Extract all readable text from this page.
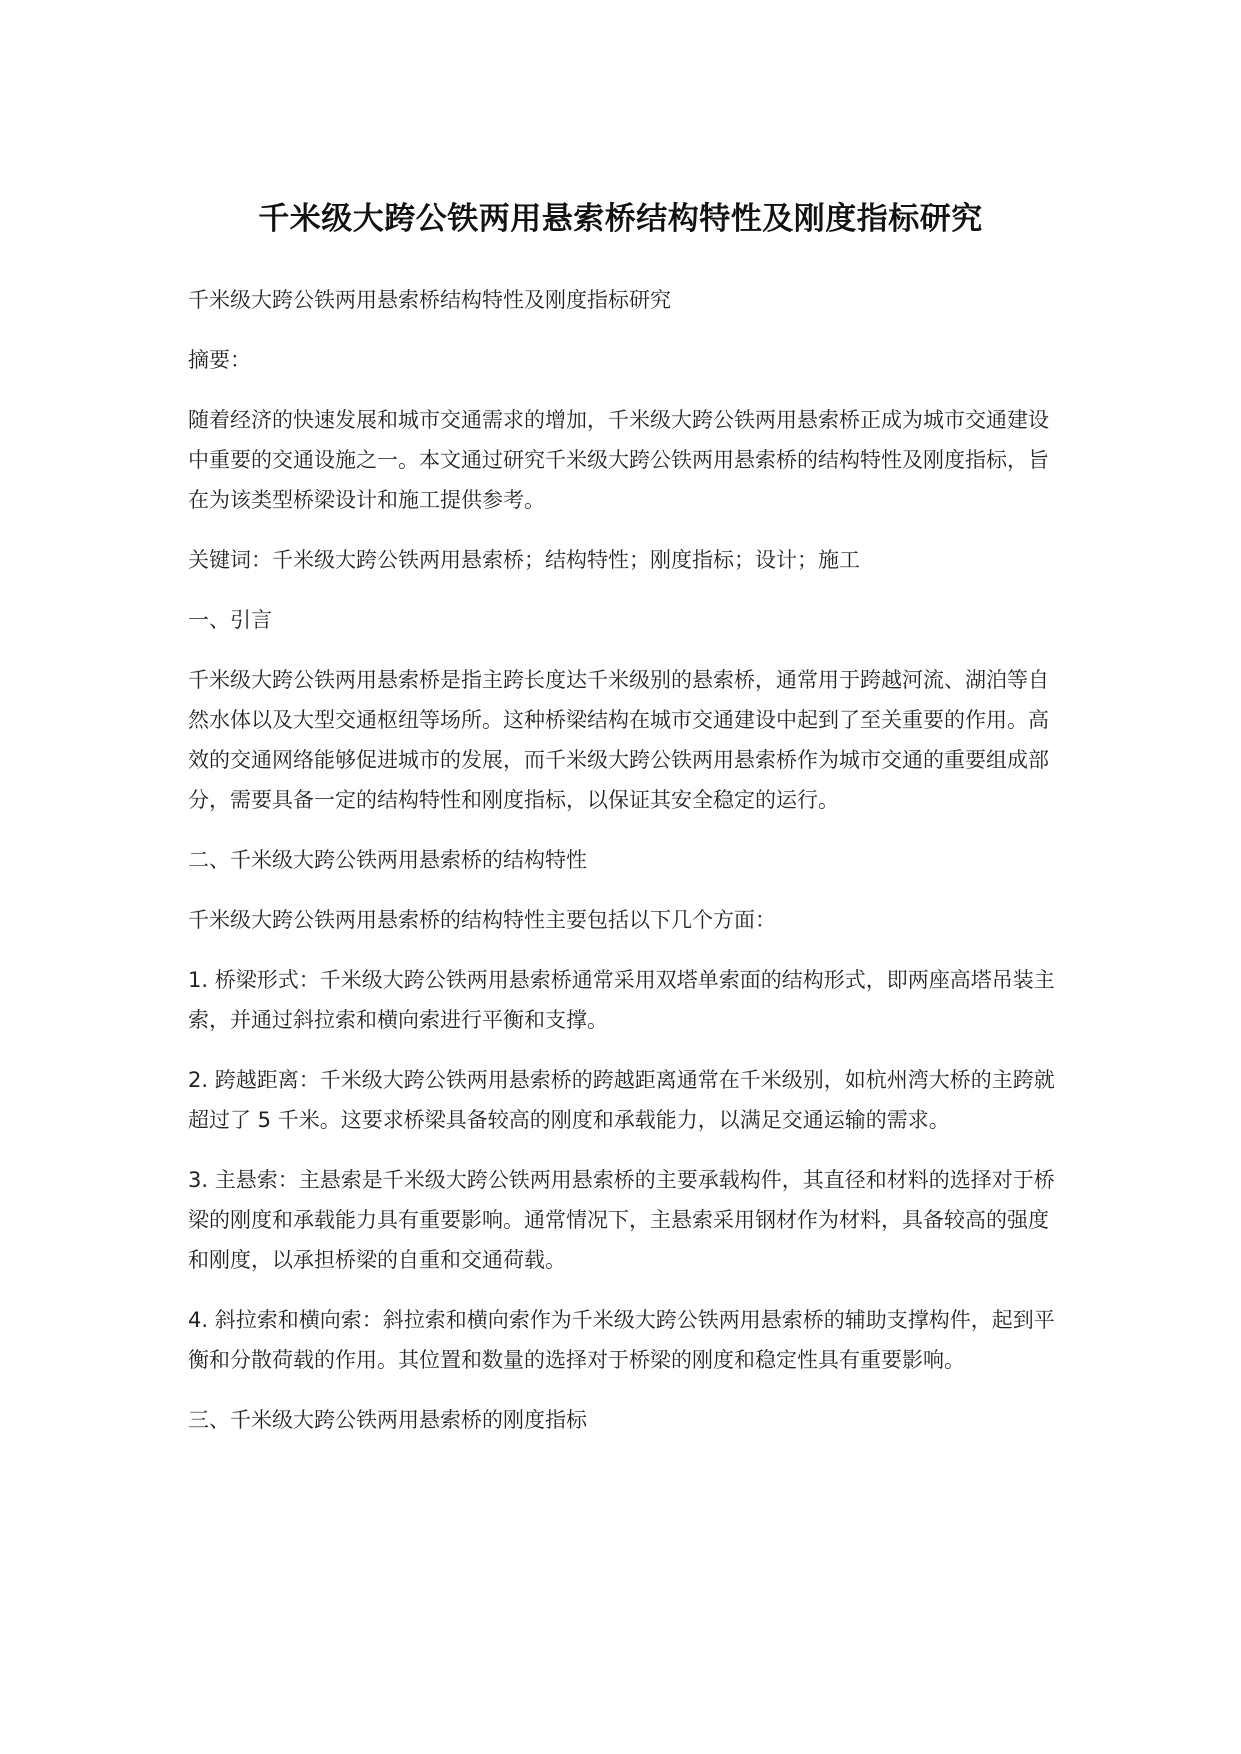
千米级大跨公铁两用悬索桥结构特性及刚度指标研究

千米级大跨公铁两用悬索桥结构特性及刚度指标研究

摘要：

随着经济的快速发展和城市交通需求的增加，千米级大跨公铁两用悬索桥正成为城市交通建设中重要的交通设施之一。本文通过研究千米级大跨公铁两用悬索桥的结构特性及刚度指标，旨在为该类型桥梁设计和施工提供参考。

关键词：千米级大跨公铁两用悬索桥；结构特性；刚度指标；设计；施工

一、引言

千米级大跨公铁两用悬索桥是指主跨长度达千米级别的悬索桥，通常用于跨越河流、湖泊等自然水体以及大型交通枢纽等场所。这种桥梁结构在城市交通建设中起到了至关重要的作用。高效的交通网络能够促进城市的发展，而千米级大跨公铁两用悬索桥作为城市交通的重要组成部分，需要具备一定的结构特性和刚度指标，以保证其安全稳定的运行。

二、千米级大跨公铁两用悬索桥的结构特性

千米级大跨公铁两用悬索桥的结构特性主要包括以下几个方面：

1. 桥梁形式：千米级大跨公铁两用悬索桥通常采用双塔单索面的结构形式，即两座高塔吊装主索，并通过斜拉索和横向索进行平衡和支撑。

2. 跨越距离：千米级大跨公铁两用悬索桥的跨越距离通常在千米级别，如杭州湾大桥的主跨就超过了 5 千米。这要求桥梁具备较高的刚度和承载能力，以满足交通运输的需求。

3. 主悬索：主悬索是千米级大跨公铁两用悬索桥的主要承载构件，其直径和材料的选择对于桥梁的刚度和承载能力具有重要影响。通常情况下，主悬索采用钢材作为材料，具备较高的强度和刚度，以承担桥梁的自重和交通荷载。

4. 斜拉索和横向索：斜拉索和横向索作为千米级大跨公铁两用悬索桥的辅助支撑构件，起到平衡和分散荷载的作用。其位置和数量的选择对于桥梁的刚度和稳定性具有重要影响。

三、千米级大跨公铁两用悬索桥的刚度指标
